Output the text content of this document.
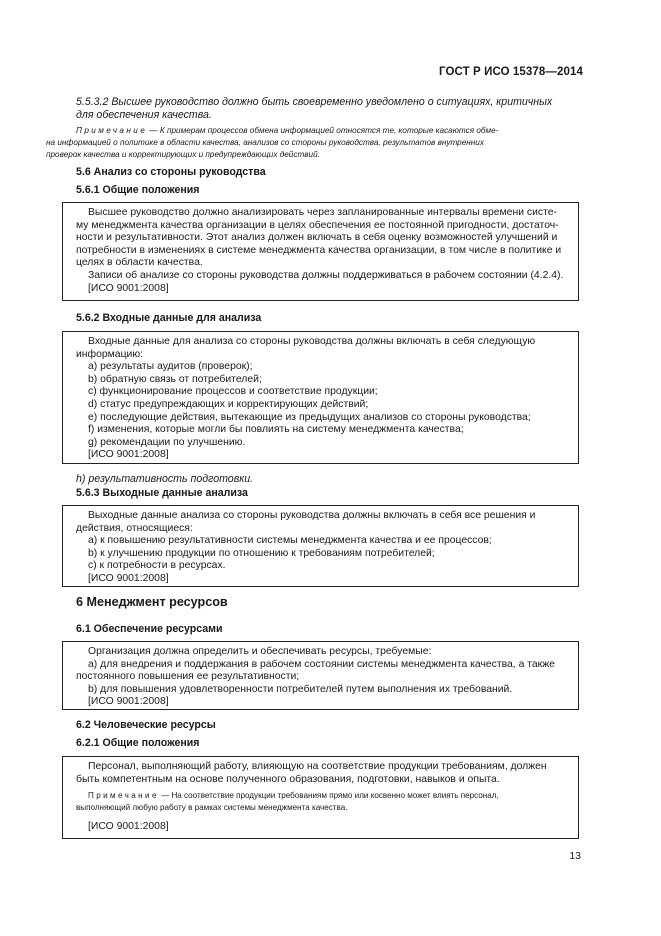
ГОСТ Р ИСО 15378—2014
5.5.3.2 Высшее руководство должно быть своевременно уведомлено о ситуациях, критичных
для обеспечения качества.
Примечание — К примерам процессов обмена информацией относятся те, которые касаются обме-
на информацией о политике в области качества, анализов со стороны руководства, результатов внутренних
проверок качества и корректирующих и предупреждающих действий.
5.6 Анализ со стороны руководства
5.6.1 Общие положения

Высшее руководство должно анализировать через запланированные интервалы времени систе-

му менеджмента качества организации в целях обеспечения ее постоянной пригодности, достаточ-

ности и результативности. Этот анализ должен включать в себя оценку возможностей улучшений и

потребности в изменениях в системе менеджмента качества организации, в том числе в политике и

целях в области качества.

Записи об анализе со стороны руководства должны поддерживаться в рабочем состоянии (4.2.4).

[ИСО 9001:2008]

5.6.2 Входные данные для анализа

Входные данные для анализа со стороны руководства должны включать в себя следующую

информацию:

a) результаты аудитов (проверок);

b) обратную связь от потребителей;

c) функционирование процессов и соответствие продукции;

d) статус предупреждающих и корректирующих действий;

e) последующие действия, вытекающие из предыдущих анализов со стороны руководства;

f) изменения, которые могли бы повлиять на систему менеджмента качества;

g) рекомендации по улучшению.

[ИСО 9001:2008]

h) результативность подготовки.
5.6.3 Выходные данные анализа

Выходные данные анализа со стороны руководства должны включать в себя все решения и

действия, относящиеся:

a) к повышению результативности системы менеджмента качества и ее процессов;

b) к улучшению продукции по отношению к требованиям потребителей;

c) к потребности в ресурсах.

[ИСО 9001:2008]

6 Менеджмент ресурсов
6.1 Обеспечение ресурсами

Организация должна определить и обеспечивать ресурсы, требуемые:

a) для внедрения и поддержания в рабочем состоянии системы менеджмента качества, а также

постоянного повышения ее результативности;

b) для повышения удовлетворенности потребителей путем выполнения их требований.

[ИСО 9001:2008]

6.2 Человеческие ресурсы
6.2.1 Общие положения

Персонал, выполняющий работу, влияющую на соответствие продукции требованиям, должен

быть компетентным на основе полученного образования, подготовки, навыков и опыта.

Примечание — На соответствие продукции требованиям прямо или косвенно может влиять персонал,
выполняющий любую работу в рамках системы менеджмента качества.

[ИСО 9001:2008]

13
